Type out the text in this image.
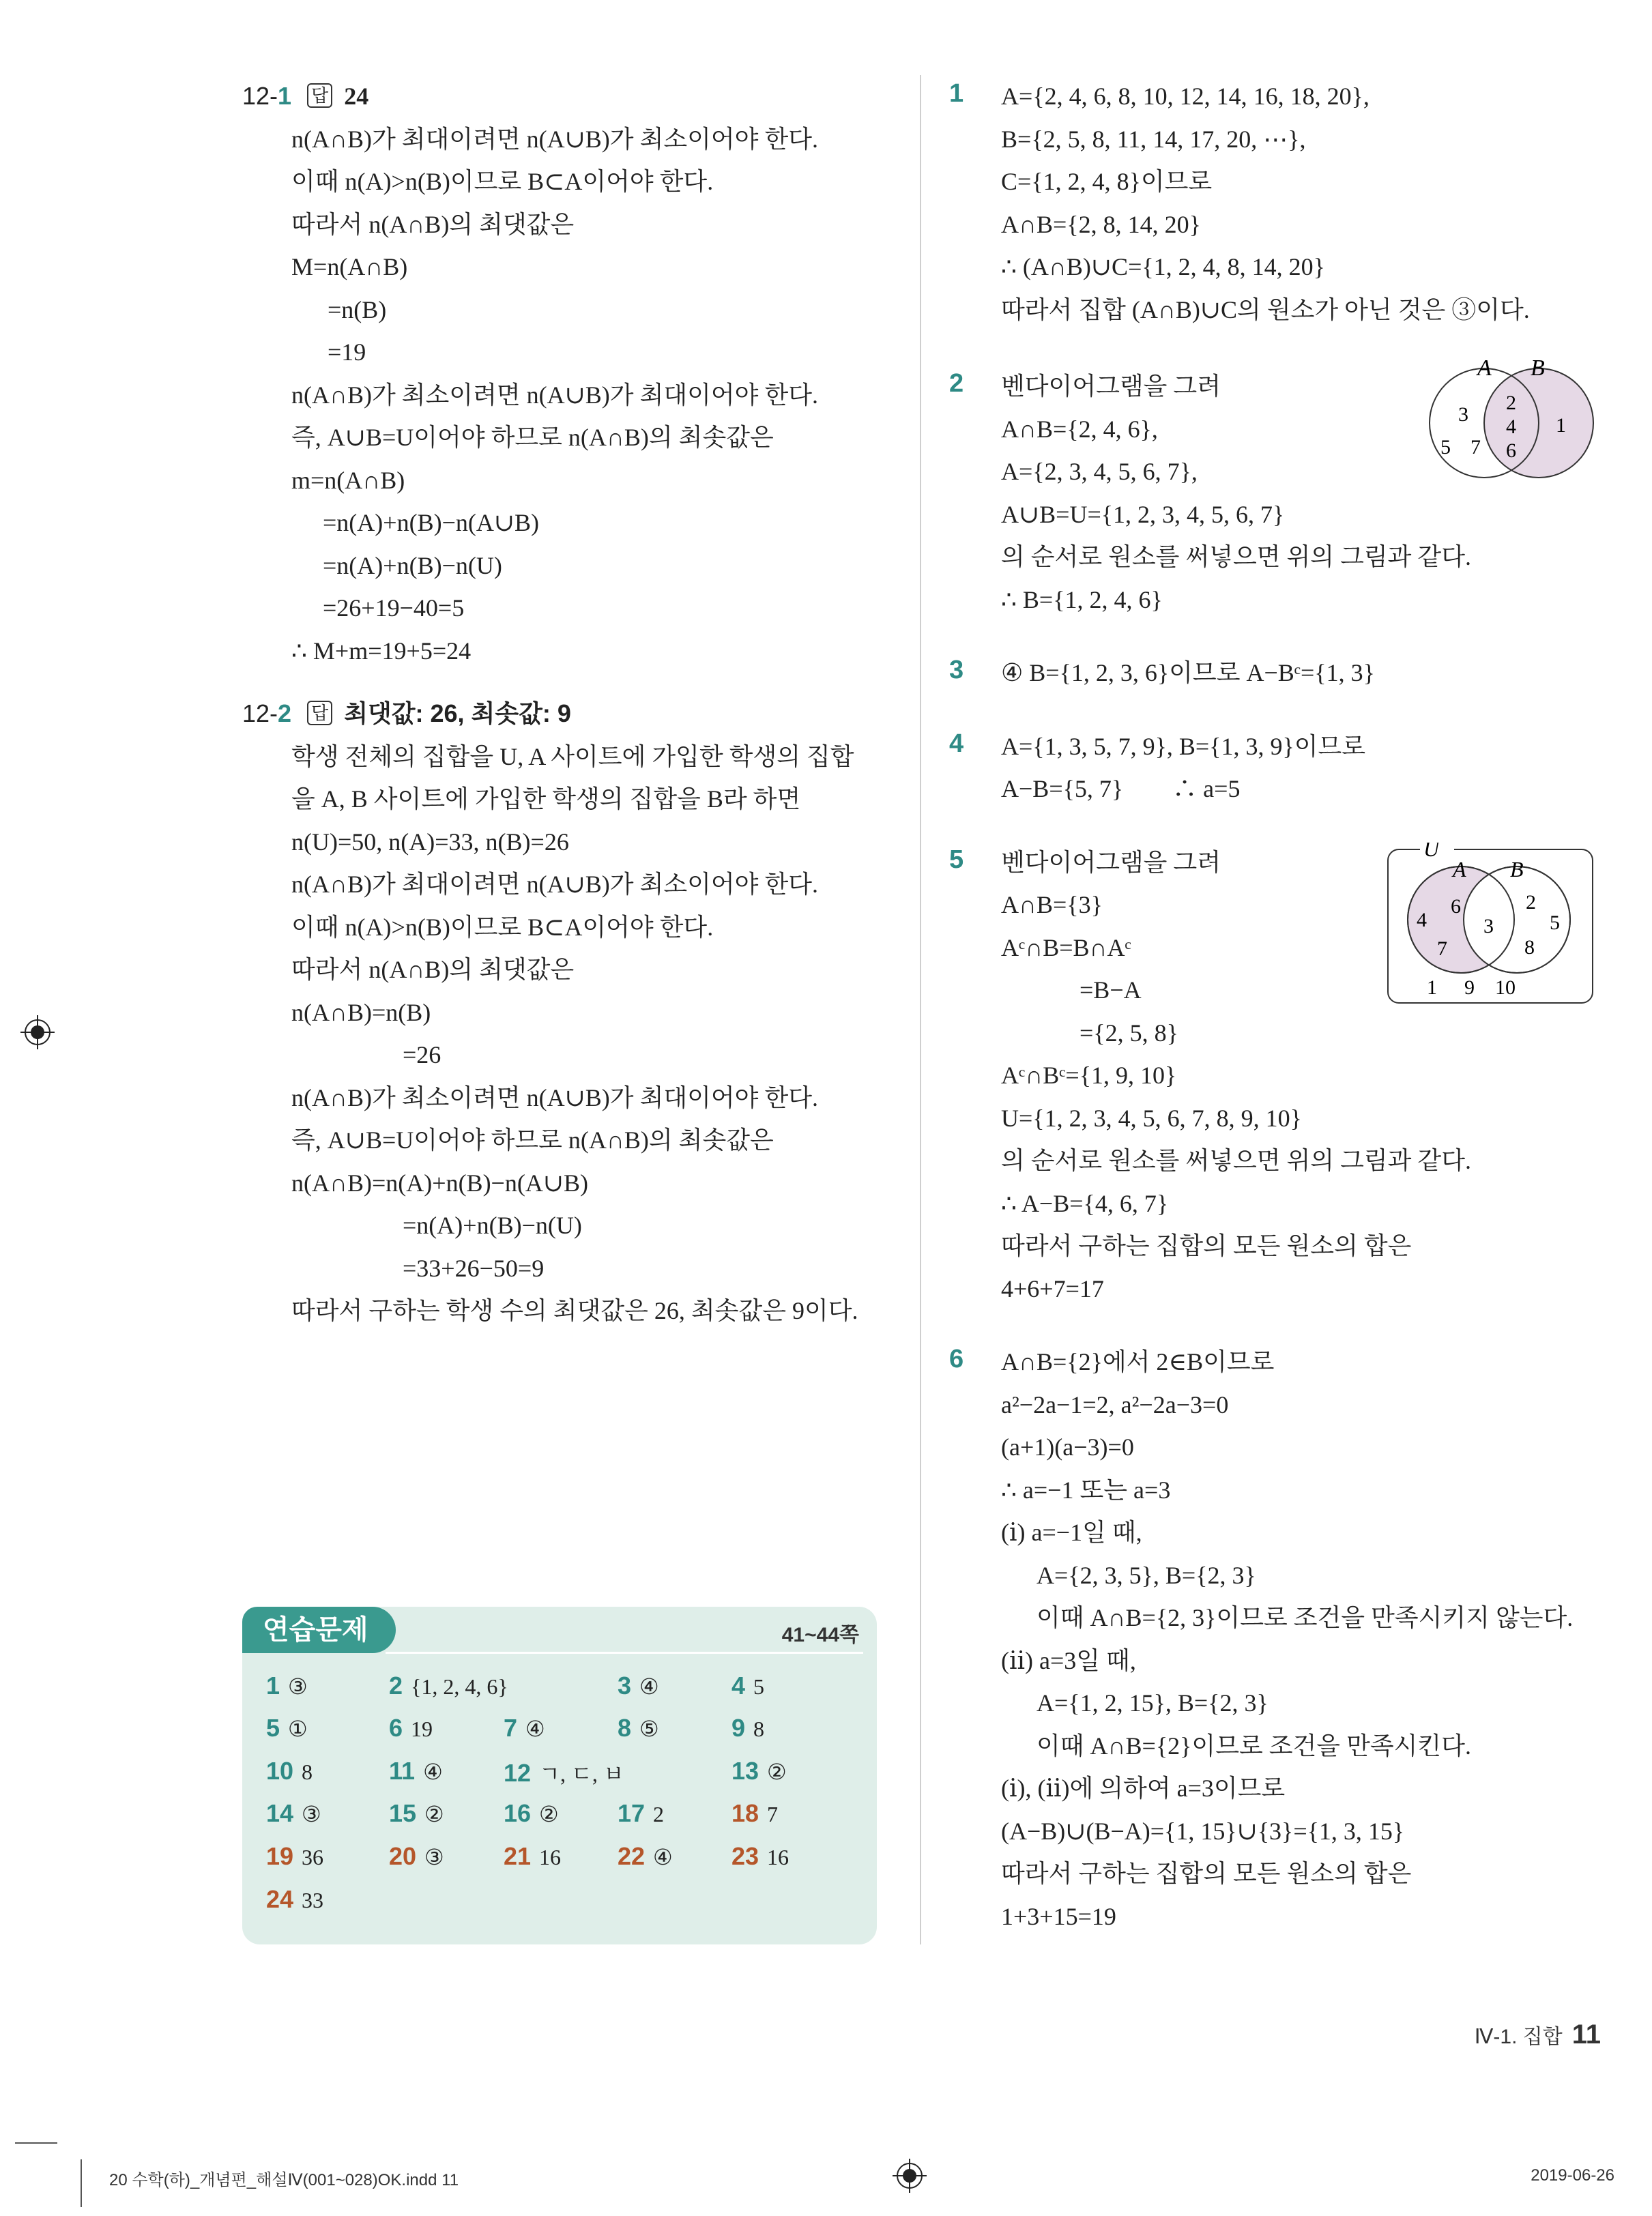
12-1 답 24
n(A∩B)가 최대이려면 n(A∪B)가 최소이어야 한다.
이때 n(A)>n(B)이므로 B⊂A이어야 한다.
따라서 n(A∩B)의 최댓값은
M=n(A∩B)
=n(B)
=19
n(A∩B)가 최소이려면 n(A∪B)가 최대이어야 한다.
즉, A∪B=U이어야 하므로 n(A∩B)의 최솟값은
m=n(A∩B)
=n(A)+n(B)−n(A∪B)
=n(A)+n(B)−n(U)
=26+19−40=5
∴ M+m=19+5=24
12-2 답 최댓값: 26, 최솟값: 9
학생 전체의 집합을 U, A 사이트에 가입한 학생의 집합
을 A, B 사이트에 가입한 학생의 집합을 B라 하면
n(U)=50, n(A)=33, n(B)=26
n(A∩B)가 최대이려면 n(A∪B)가 최소이어야 한다.
이때 n(A)>n(B)이므로 B⊂A이어야 한다.
따라서 n(A∩B)의 최댓값은
n(A∩B)=n(B)
=26
n(A∩B)가 최소이려면 n(A∪B)가 최대이어야 한다.
즉, A∪B=U이어야 하므로 n(A∩B)의 최솟값은
n(A∩B)=n(A)+n(B)−n(A∪B)
=n(A)+n(B)−n(U)
=33+26−50=9
따라서 구하는 학생 수의 최댓값은 26, 최솟값은 9이다.
연습문제	41~44쪽
1 ③	2 {1, 2, 4, 6}	3 ④	4 5
5 ①	6 19	7 ④	8 ⑤	9 8
10 8	11 ④ 12 ㄱ, ㄷ, ㅂ	13 ②
14 ③	15 ② 16 ② 17 2	18 7
19 36	20 ③ 21 16 22 ④ 23 16
24 33
1 A={2, 4, 6, 8, 10, 12, 14, 16, 18, 20},
B={2, 5, 8, 11, 14, 17, 20, ⋯},
C={1, 2, 4, 8}이므로
A∩B={2, 8, 14, 20}
∴ (A∩B)∪C={1, 2, 4, 8, 14, 20}
따라서 집합 (A∩B)∪C의 원소가 아닌 것은 ③이다.
2 벤다이어그램을 그려
A∩B={2, 4, 6},
A={2, 3, 4, 5, 6, 7},
A∪B=U={1, 2, 3, 4, 5, 6, 7}
의 순서로 원소를 써넣으면 위의 그림과 같다.
∴ B={1, 2, 4, 6}
A B
3
5 7
2
4
6
1
3 ④ B={1, 2, 3, 6}이므로 A−Bᶜ={1, 3}
4 A={1, 3, 5, 7, 9}, B={1, 3, 9}이므로
A−B={5, 7}　　∴ a=5
5 벤다이어그램을 그려
A∩B={3}
Aᶜ∩B=B∩Aᶜ
=B−A
={2, 5, 8}
Aᶜ∩Bᶜ={1, 9, 10}
U={1, 2, 3, 4, 5, 6, 7, 8, 9, 10}
의 순서로 원소를 써넣으면 위의 그림과 같다.
∴ A−B={4, 6, 7}
따라서 구하는 집합의 모든 원소의 합은
4+6+7=17
U
A B
4
6
7
3
2
5
8
1 9 10
6 A∩B={2}에서 2∈B이므로
a²−2a−1=2, a²−2a−3=0
(a+1)(a−3)=0
∴ a=−1 또는 a=3
(ⅰ) a=−1일 때,
A={2, 3, 5}, B={2, 3}
이때 A∩B={2, 3}이므로 조건을 만족시키지 않는다.
(ⅱ) a=3일 때,
A={1, 2, 15}, B={2, 3}
이때 A∩B={2}이므로 조건을 만족시킨다.
(ⅰ), (ⅱ)에 의하여 a=3이므로
(A−B)∪(B−A)={1, 15}∪{3}={1, 3, 15}
따라서 구하는 집합의 모든 원소의 합은
1+3+15=19
Ⅳ-1. 집합 11
20 수학(하)_개념편_해설Ⅳ(001~028)OK.indd 11	2019-06-26
